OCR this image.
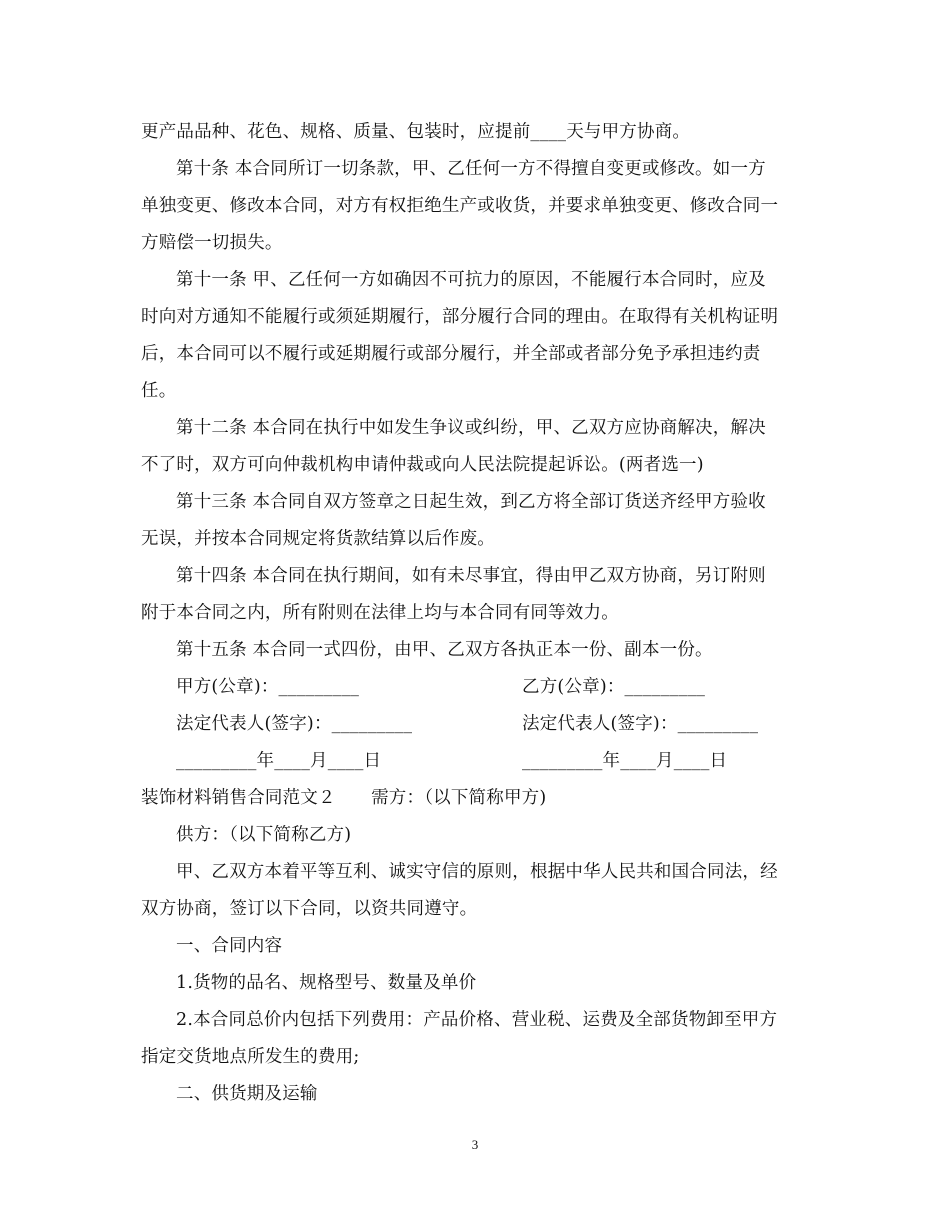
更产品品种、花色、规格、质量、包装时，应提前____天与甲方协商。
第十条 本合同所订一切条款，甲、乙任何一方不得擅自变更或修改。如一方
单独变更、修改本合同，对方有权拒绝生产或收货，并要求单独变更、修改合同一
方赔偿一切损失。
第十一条 甲、乙任何一方如确因不可抗力的原因，不能履行本合同时，应及
时向对方通知不能履行或须延期履行，部分履行合同的理由。在取得有关机构证明
后，本合同可以不履行或延期履行或部分履行，并全部或者部分免予承担违约责
任。
第十二条 本合同在执行中如发生争议或纠纷，甲、乙双方应协商解决，解决
不了时，双方可向仲裁机构申请仲裁或向人民法院提起诉讼。(两者选一)
第十三条 本合同自双方签章之日起生效，到乙方将全部订货送齐经甲方验收
无误，并按本合同规定将货款结算以后作废。
第十四条 本合同在执行期间，如有未尽事宜，得由甲乙双方协商，另订附则
附于本合同之内，所有附则在法律上均与本合同有同等效力。
第十五条 本合同一式四份，由甲、乙双方各执正本一份、副本一份。
甲方(公章)：_________	乙方(公章)：_________
法定代表人(签字)：_________	法定代表人(签字)：_________
_________年____月____日	_________年____月____日
装饰材料销售合同范文２　　需方：（以下简称甲方)
供方：（以下简称乙方)
甲、乙双方本着平等互利、诚实守信的原则，根据中华人民共和国合同法，经
双方协商，签订以下合同，以资共同遵守。
一、合同内容
1.货物的品名、规格型号、数量及单价
2.本合同总价内包括下列费用：产品价格、营业税、运费及全部货物卸至甲方
指定交货地点所发生的费用;
二、供货期及运输
3
